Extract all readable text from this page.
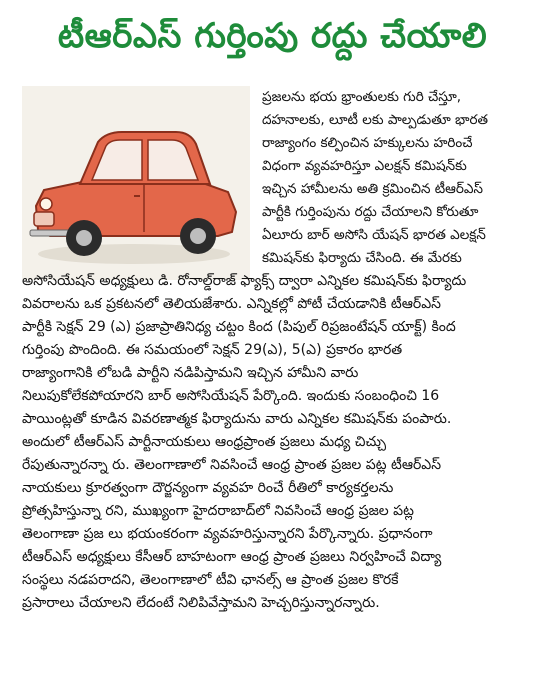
టీఆర్ఎస్ గుర్తింపు రద్దు చేయాలి
ప్రజలను భయ భ్రాంతులకు గురి చేస్తూ,
దహనాలకు, లూటీ లకు పాల్పడుతూ భారత
రాజ్యాంగం కల్పించిన హక్కులను హరించే
విధంగా వ్యవహరిస్తూ ఎలక్షన్ కమిషన్‌కు
ఇచ్చిన హామీలను అతి క్రమించిన టీఆర్ఎస్
పార్టీకి గుర్తింపును రద్దు చేయాలని కోరుతూ
ఏలూరు బార్ అసోసి యేషన్ భారత ఎలక్షన్
కమిషన్‌కు ఫిర్యాదు చేసింది. ఈ మేరకు
అసోసియేషన్ అధ్యక్షులు డి. రోనాల్డ్‌రాజ్ ఫ్యాక్స్ ద్వారా ఎన్నికల కమిషన్‌కు ఫిర్యాదు
వివరాలను ఒక ప్రకటనలో తెలియజేశారు. ఎన్నికల్లో పోటీ చేయడానికి టీఆర్ఎస్
పార్టీకి సెక్షన్ 29 (ఎ) ప్రజాప్రాతినిధ్య చట్టం కింద (పిపుల్ రిప్రజంటేషన్ యాక్ట్) కింద
గుర్తింపు పొందింది. ఈ సమయంలో సెక్షన్ 29(ఎ), 5(ఎ) ప్రకారం భారత
రాజ్యాంగానికి లోబడి పార్టీని నడిపిస్తామని ఇచ్చిన హామీని వారు
నిలుపుకోలేకపోయారని బార్ అసోసియేషన్ పేర్కొంది. ఇందుకు సంబంధించి 16
పాయింట్లతో కూడిన వివరణాత్మక ఫిర్యాదును వారు ఎన్నికల కమిషన్‌కు పంపారు.
అందులో టీఆర్ఎస్ పార్టీనాయకులు ఆంధ్రప్రాంత ప్రజలు మధ్య చిచ్చు
రేపుతున్నారన్నా రు. తెలంగాణాలో నివసించే ఆంధ్ర ప్రాంత ప్రజల పట్ల టీఆర్ఎస్
నాయకులు క్రూరత్వంగా దౌర్జన్యంగా వ్యవహ రించే రీతిలో కార్యకర్తలను
ప్రోత్సహిస్తున్నా రని, ముఖ్యంగా హైదరాబాద్‌లో నివసించే ఆంధ్ర ప్రజల పట్ల
తెలంగాణా ప్రజ లు భయంకరంగా వ్యవహరిస్తున్నారని పేర్కొన్నారు. ప్రధానంగా
టీఆర్ఎస్ అధ్యక్షులు కేసీఆర్ బాహటంగా ఆంధ్ర ప్రాంత ప్రజలు నిర్వహించే విద్యా
సంస్థలు నడపరాదని, తెలంగాణాలో టీవి ఛానల్స్ ఆ ప్రాంత ప్రజల కొరకే
ప్రసారాలు చేయాలని లేదంటే నిలిపివేస్తామని హెచ్చరిస్తున్నారన్నారు.
